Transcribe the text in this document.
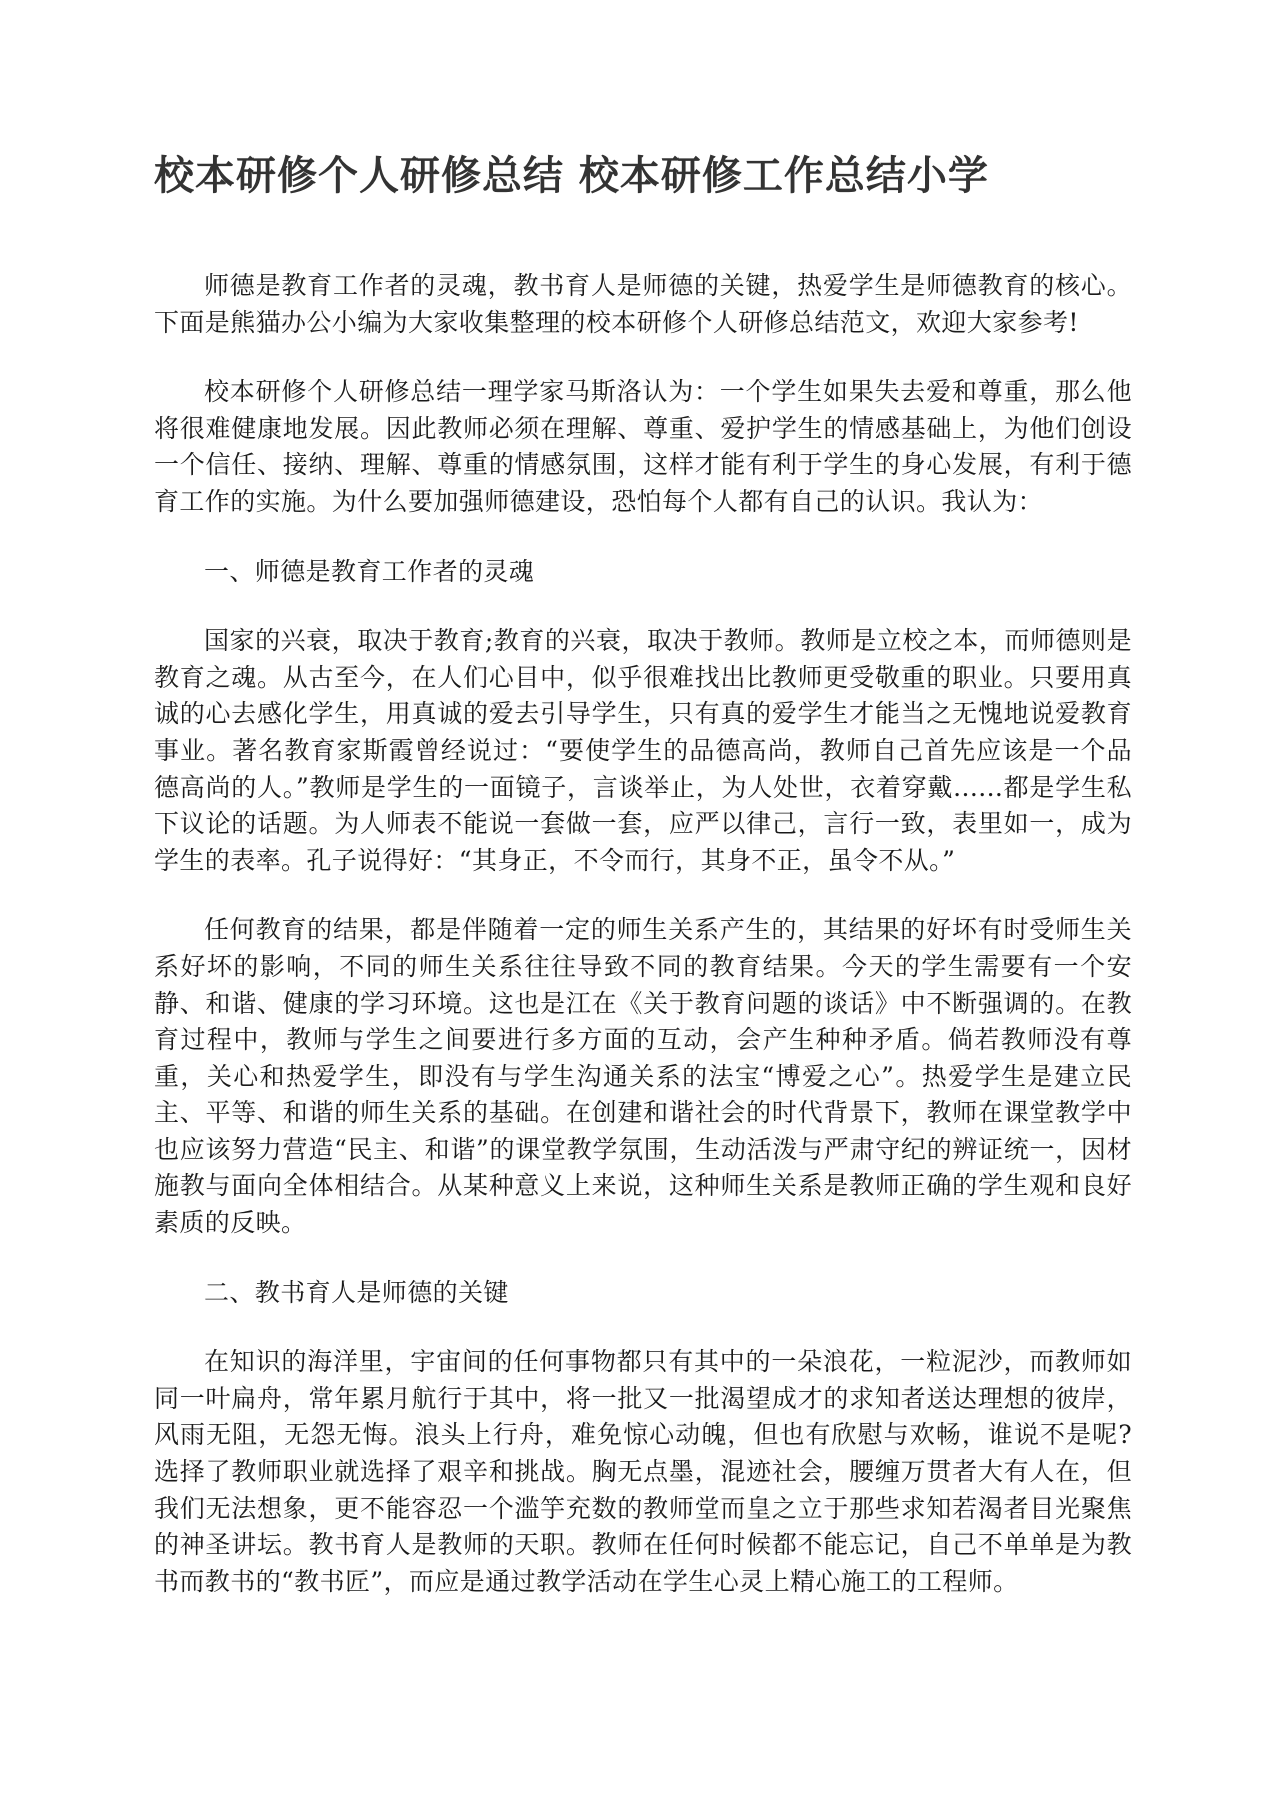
校本研修个人研修总结 校本研修工作总结小学

师德是教育工作者的灵魂，教书育人是师德的关键，热爱学生是师德教育的核心。下面是熊猫办公小编为大家收集整理的校本研修个人研修总结范文，欢迎大家参考!

校本研修个人研修总结一理学家马斯洛认为：一个学生如果失去爱和尊重，那么他将很难健康地发展。因此教师必须在理解、尊重、爱护学生的情感基础上，为他们创设一个信任、接纳、理解、尊重的情感氛围，这样才能有利于学生的身心发展，有利于德育工作的实施。为什么要加强师德建设，恐怕每个人都有自己的认识。我认为：

一、师德是教育工作者的灵魂

国家的兴衰，取决于教育;教育的兴衰，取决于教师。教师是立校之本，而师德则是教育之魂。从古至今，在人们心目中，似乎很难找出比教师更受敬重的职业。只要用真诚的心去感化学生，用真诚的爱去引导学生，只有真的爱学生才能当之无愧地说爱教育事业。著名教育家斯霞曾经说过：“要使学生的品德高尚，教师自己首先应该是一个品德高尚的人。”教师是学生的一面镜子，言谈举止，为人处世，衣着穿戴......都是学生私下议论的话题。为人师表不能说一套做一套，应严以律己，言行一致，表里如一，成为学生的表率。孔子说得好：“其身正，不令而行，其身不正，虽令不从。”

任何教育的结果，都是伴随着一定的师生关系产生的，其结果的好坏有时受师生关系好坏的影响，不同的师生关系往往导致不同的教育结果。今天的学生需要有一个安静、和谐、健康的学习环境。这也是江在《关于教育问题的谈话》中不断强调的。在教育过程中，教师与学生之间要进行多方面的互动，会产生种种矛盾。倘若教师没有尊重，关心和热爱学生，即没有与学生沟通关系的法宝“博爱之心”。热爱学生是建立民主、平等、和谐的师生关系的基础。在创建和谐社会的时代背景下，教师在课堂教学中也应该努力营造“民主、和谐”的课堂教学氛围，生动活泼与严肃守纪的辨证统一，因材施教与面向全体相结合。从某种意义上来说，这种师生关系是教师正确的学生观和良好素质的反映。

二、教书育人是师德的关键

在知识的海洋里，宇宙间的任何事物都只有其中的一朵浪花，一粒泥沙，而教师如同一叶扁舟，常年累月航行于其中，将一批又一批渴望成才的求知者送达理想的彼岸，风雨无阻，无怨无悔。浪头上行舟，难免惊心动魄，但也有欣慰与欢畅，谁说不是呢?选择了教师职业就选择了艰辛和挑战。胸无点墨，混迹社会，腰缠万贯者大有人在，但我们无法想象，更不能容忍一个滥竽充数的教师堂而皇之立于那些求知若渴者目光聚焦的神圣讲坛。教书育人是教师的天职。教师在任何时候都不能忘记，自己不单单是为教书而教书的“教书匠”，而应是通过教学活动在学生心灵上精心施工的工程师。
